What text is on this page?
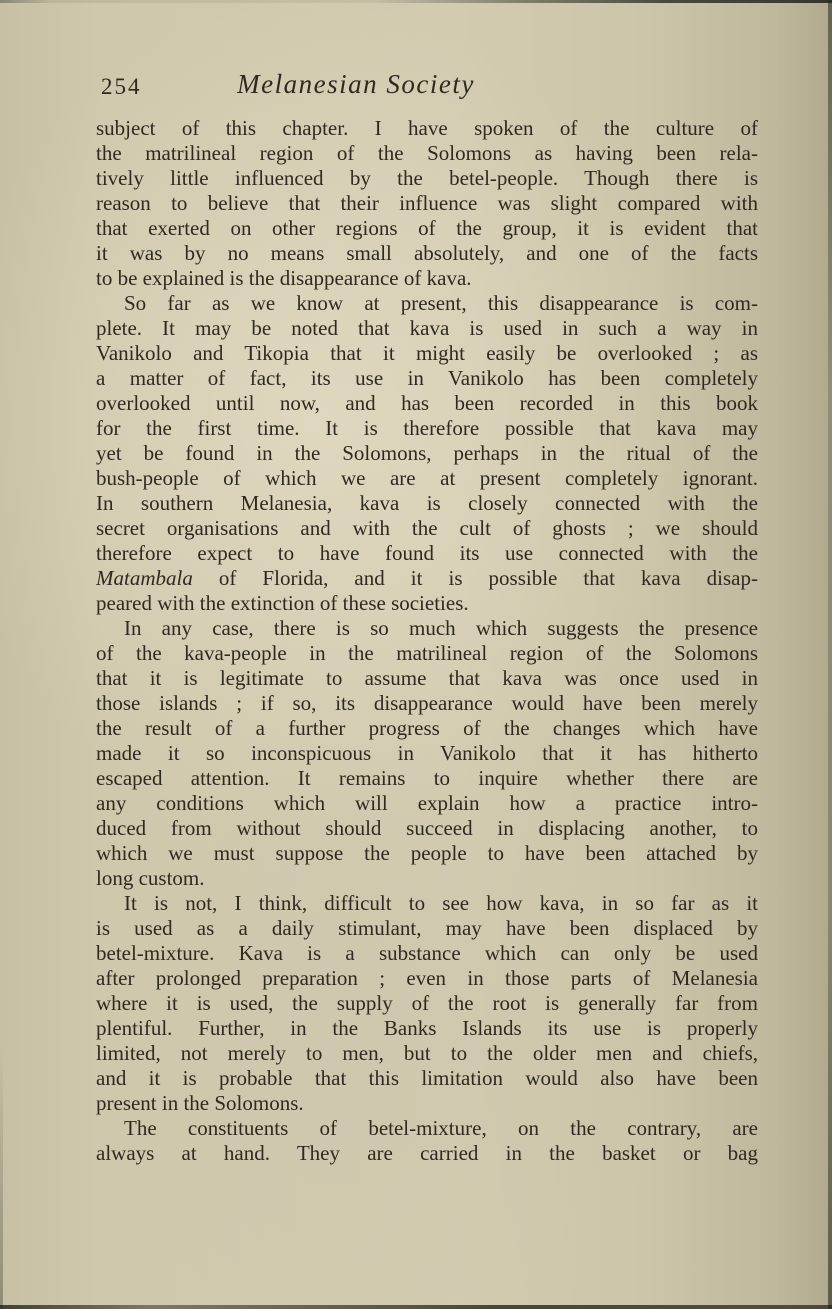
254	Melanesian Society
subject of this chapter. I have spoken of the culture of
the matrilineal region of the Solomons as having been rela-
tively little influenced by the betel-people. Though there is
reason to believe that their influence was slight compared with
that exerted on other regions of the group, it is evident that
it was by no means small absolutely, and one of the facts
to be explained is the disappearance of kava.
So far as we know at present, this disappearance is com-
plete. It may be noted that kava is used in such a way in
Vanikolo and Tikopia that it might easily be overlooked ; as
a matter of fact, its use in Vanikolo has been completely
overlooked until now, and has been recorded in this book
for the first time. It is therefore possible that kava may
yet be found in the Solomons, perhaps in the ritual of the
bush-people of which we are at present completely ignorant.
In southern Melanesia, kava is closely connected with the
secret organisations and with the cult of ghosts ; we should
therefore expect to have found its use connected with the
Matambala of Florida, and it is possible that kava disap-
peared with the extinction of these societies.
In any case, there is so much which suggests the presence
of the kava-people in the matrilineal region of the Solomons
that it is legitimate to assume that kava was once used in
those islands ; if so, its disappearance would have been merely
the result of a further progress of the changes which have
made it so inconspicuous in Vanikolo that it has hitherto
escaped attention. It remains to inquire whether there are
any conditions which will explain how a practice intro-
duced from without should succeed in displacing another, to
which we must suppose the people to have been attached by
long custom.
It is not, I think, difficult to see how kava, in so far as it
is used as a daily stimulant, may have been displaced by
betel-mixture. Kava is a substance which can only be used
after prolonged preparation ; even in those parts of Melanesia
where it is used, the supply of the root is generally far from
plentiful. Further, in the Banks Islands its use is properly
limited, not merely to men, but to the older men and chiefs,
and it is probable that this limitation would also have been
present in the Solomons.
The constituents of betel-mixture, on the contrary, are
always at hand. They are carried in the basket or bag
